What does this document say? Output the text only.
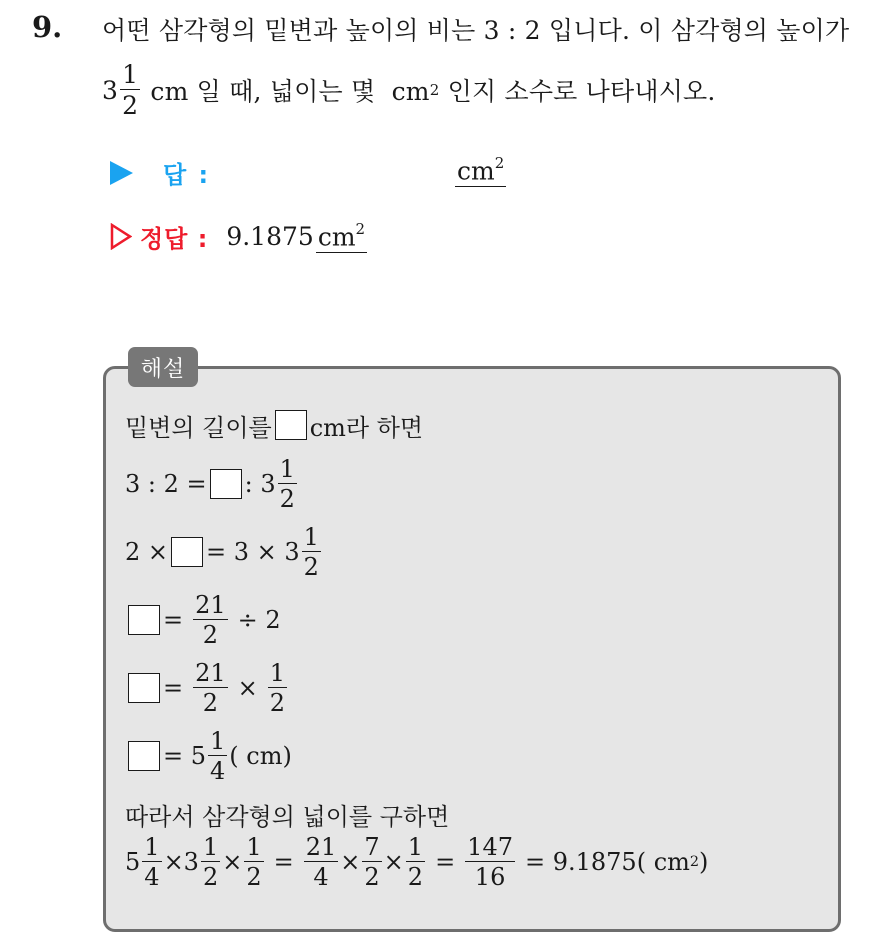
9. 어떤 삼각형의 밑변과 높이의 비는 3 : 2 입니다. 이 삼각형의 높이가
$3 \frac{1}{2}$ cm 일 때, 넓이는 몇  cm 2 인지 소수로 나타내시오.
답 :	$cm^2$
정답 : 9.1875 $cm^2$
해설
밑변의 길이를 cm라 하면
3 : 2 = : $3 \frac{1}{2}$
2 × = $3 \times 3 \frac{1}{2}$
= $\frac{21}{2} \div 2$
= $\frac{21}{2} \times \frac{1}{2}$
= $5 \frac{1}{4}$ ( cm)
따라서 삼각형의 넓이를 구하면
$5 \frac{1}{4} \times 3 \frac{1}{2} \times \frac{1}{2} = \frac{21}{4} \times \frac{7}{2} \times \frac{1}{2} = \frac{147}{16} = 9.1875$( cm 2 )
